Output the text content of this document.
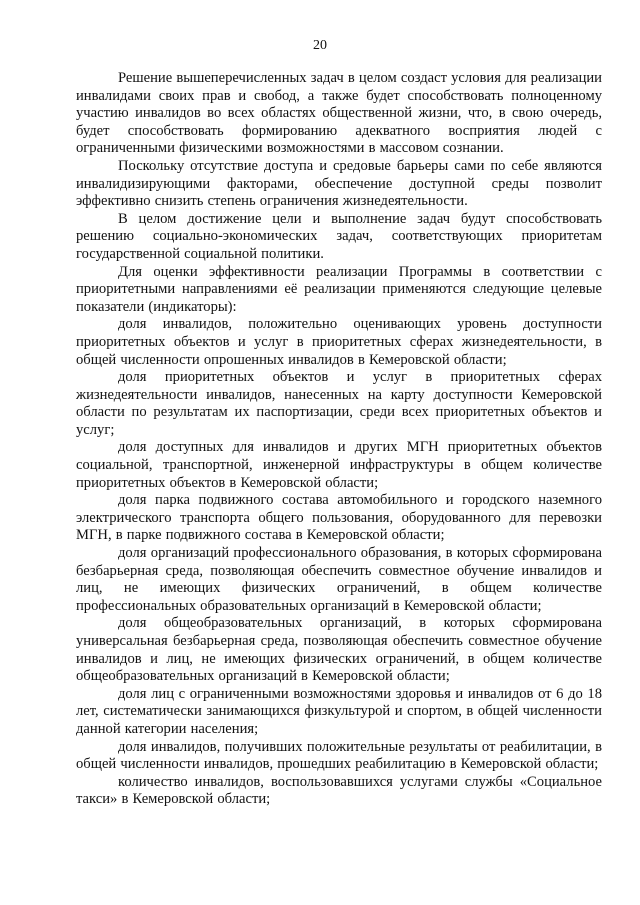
20

Решение вышеперечисленных задач в целом создаст условия для реализации инвалидами своих прав и свобод, а также будет способствовать полноценному участию инвалидов во всех областях общественной жизни, что, в свою очередь, будет способствовать формированию адекватного восприятия людей с ограниченными физическими возможностями в массовом сознании.

Поскольку отсутствие доступа и средовые барьеры сами по себе являются инвалидизирующими факторами, обеспечение доступной среды позволит эффективно снизить степень ограничения жизнедеятельности.

В целом достижение цели и выполнение задач будут способствовать решению социально-экономических задач, соответствующих приоритетам государственной социальной политики.

Для оценки эффективности реализации Программы в соответствии с приоритетными направлениями её реализации применяются следующие целевые показатели (индикаторы):

доля инвалидов, положительно оценивающих уровень доступности приоритетных объектов и услуг в приоритетных сферах жизнедеятельности, в общей численности опрошенных инвалидов в Кемеровской области;

доля приоритетных объектов и услуг в приоритетных сферах жизнедеятельности инвалидов, нанесенных на карту доступности Кемеровской области по результатам их паспортизации, среди всех приоритетных объектов и услуг;

доля доступных для инвалидов и других МГН приоритетных объектов социальной, транспортной, инженерной инфраструктуры в общем количестве приоритетных объектов в Кемеровской области;

доля парка подвижного состава автомобильного и городского наземного электрического транспорта общего пользования, оборудованного для перевозки МГН, в парке подвижного состава в Кемеровской области;

доля организаций профессионального образования, в которых сформирована безбарьерная среда, позволяющая обеспечить совместное обучение инвалидов и лиц, не имеющих физических ограничений, в общем количестве профессиональных образовательных организаций в Кемеровской области;

доля общеобразовательных организаций, в которых сформирована универсальная безбарьерная среда, позволяющая обеспечить совместное обучение инвалидов и лиц, не имеющих физических ограничений, в общем количестве общеобразовательных организаций в Кемеровской области;

доля лиц с ограниченными возможностями здоровья и инвалидов от 6 до 18 лет, систематически занимающихся физкультурой и спортом, в общей численности данной категории населения;

доля инвалидов, получивших положительные результаты от реабилитации, в общей численности инвалидов, прошедших реабилитацию в Кемеровской области;

количество инвалидов, воспользовавшихся услугами службы «Социальное такси» в Кемеровской области;
